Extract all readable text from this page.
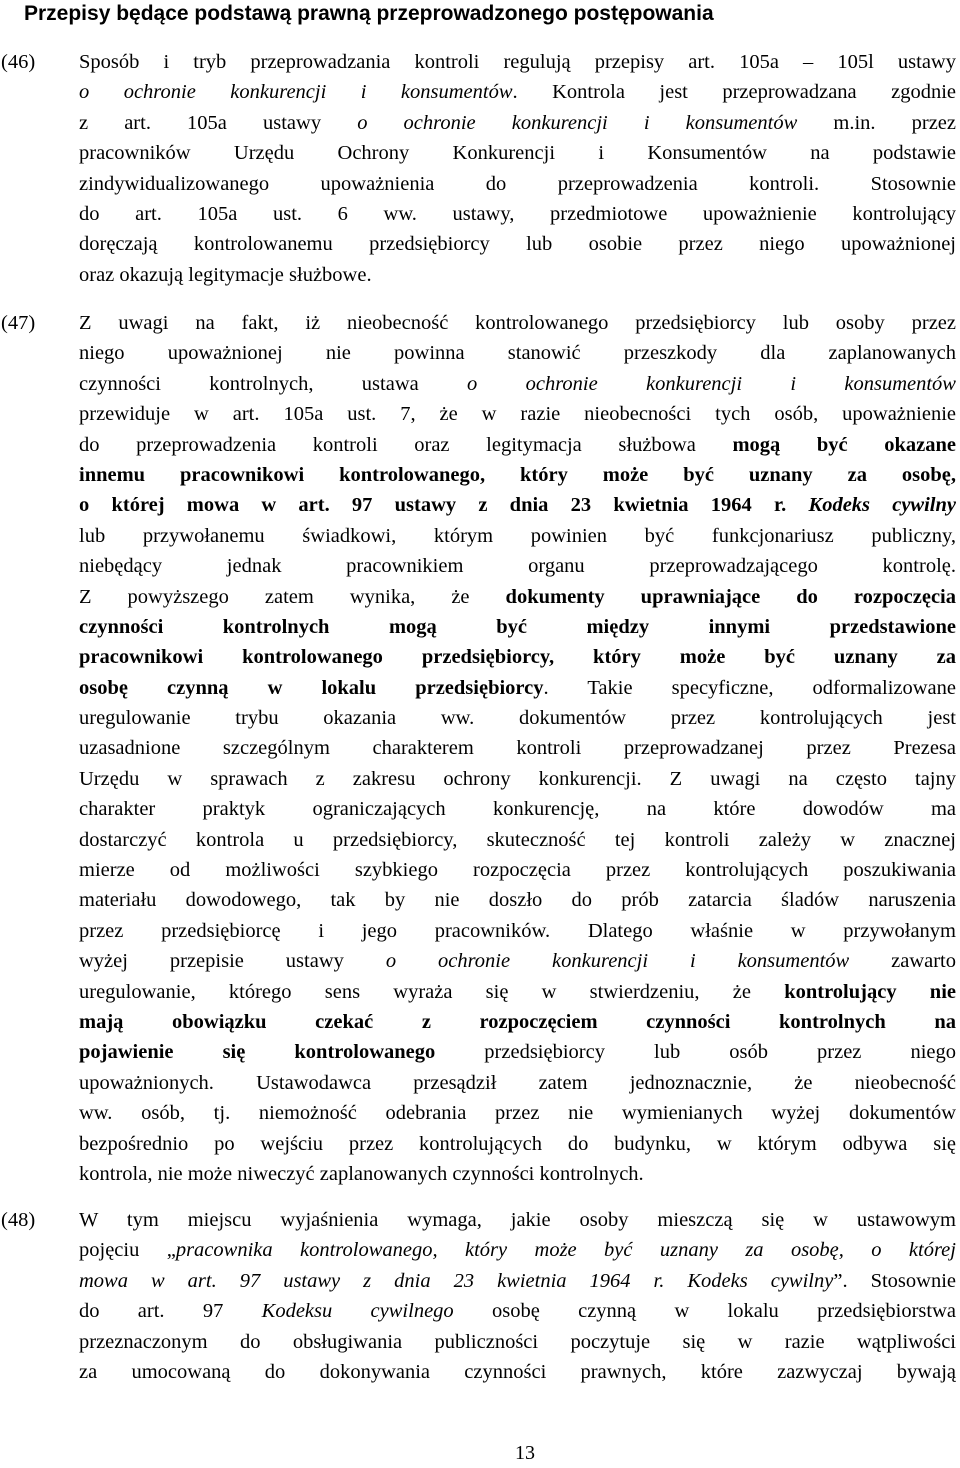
Przepisy będące podstawą prawną przeprowadzonego postępowania
(46) Sposób i tryb przeprowadzania kontroli regulują przepisy art. 105a – 105l ustawy
o ochronie konkurencji i konsumentów. Kontrola jest przeprowadzana zgodnie
z art. 105a ustawy o ochronie konkurencji i konsumentów m.in. przez
pracowników Urzędu Ochrony Konkurencji i Konsumentów na podstawie
zindywidualizowanego upoważnienia do przeprowadzenia kontroli. Stosownie
do art. 105a ust. 6 ww. ustawy, przedmiotowe upoważnienie kontrolujący
doręczają kontrolowanemu przedsiębiorcy lub osobie przez niego upoważnionej
oraz okazują legitymacje służbowe.
(47) Z uwagi na fakt, iż nieobecność kontrolowanego przedsiębiorcy lub osoby przez
niego upoważnionej nie powinna stanowić przeszkody dla zaplanowanych
czynności kontrolnych, ustawa o ochronie konkurencji i konsumentów
przewiduje w art. 105a ust. 7, że w razie nieobecności tych osób, upoważnienie
do przeprowadzenia kontroli oraz legitymacja służbowa mogą być okazane
innemu pracownikowi kontrolowanego, który może być uznany za osobę,
o której mowa w art. 97 ustawy z dnia 23 kwietnia 1964 r. Kodeks cywilny
lub przywołanemu świadkowi, którym powinien być funkcjonariusz publiczny,
niebędący jednak pracownikiem organu przeprowadzającego kontrolę.
Z powyższego zatem wynika, że dokumenty uprawniające do rozpoczęcia
czynności kontrolnych mogą być między innymi przedstawione
pracownikowi kontrolowanego przedsiębiorcy, który może być uznany za
osobę czynną w lokalu przedsiębiorcy. Takie specyficzne, odformalizowane
uregulowanie trybu okazania ww. dokumentów przez kontrolujących jest
uzasadnione szczególnym charakterem kontroli przeprowadzanej przez Prezesa
Urzędu w sprawach z zakresu ochrony konkurencji. Z uwagi na często tajny
charakter praktyk ograniczających konkurencję, na które dowodów ma
dostarczyć kontrola u przedsiębiorcy, skuteczność tej kontroli zależy w znacznej
mierze od możliwości szybkiego rozpoczęcia przez kontrolujących poszukiwania
materiału dowodowego, tak by nie doszło do prób zatarcia śladów naruszenia
przez przedsiębiorcę i jego pracowników. Dlatego właśnie w przywołanym
wyżej przepisie ustawy o ochronie konkurencji i konsumentów zawarto
uregulowanie, którego sens wyraża się w stwierdzeniu, że kontrolujący nie
mają obowiązku czekać z rozpoczęciem czynności kontrolnych na
pojawienie się kontrolowanego przedsiębiorcy lub osób przez niego
upoważnionych. Ustawodawca przesądził zatem jednoznacznie, że nieobecność
ww. osób, tj. niemożność odebrania przez nie wymienianych wyżej dokumentów
bezpośrednio po wejściu przez kontrolujących do budynku, w którym odbywa się
kontrola, nie może niweczyć zaplanowanych czynności kontrolnych.
(48) W tym miejscu wyjaśnienia wymaga, jakie osoby mieszczą się w ustawowym
pojęciu „pracownika kontrolowanego, który może być uznany za osobę, o której
mowa w art. 97 ustawy z dnia 23 kwietnia 1964 r. Kodeks cywilny”. Stosownie
do art. 97 Kodeksu cywilnego osobę czynną w lokalu przedsiębiorstwa
przeznaczonym do obsługiwania publiczności poczytuje się w razie wątpliwości
za umocowaną do dokonywania czynności prawnych, które zazwyczaj bywają
13
